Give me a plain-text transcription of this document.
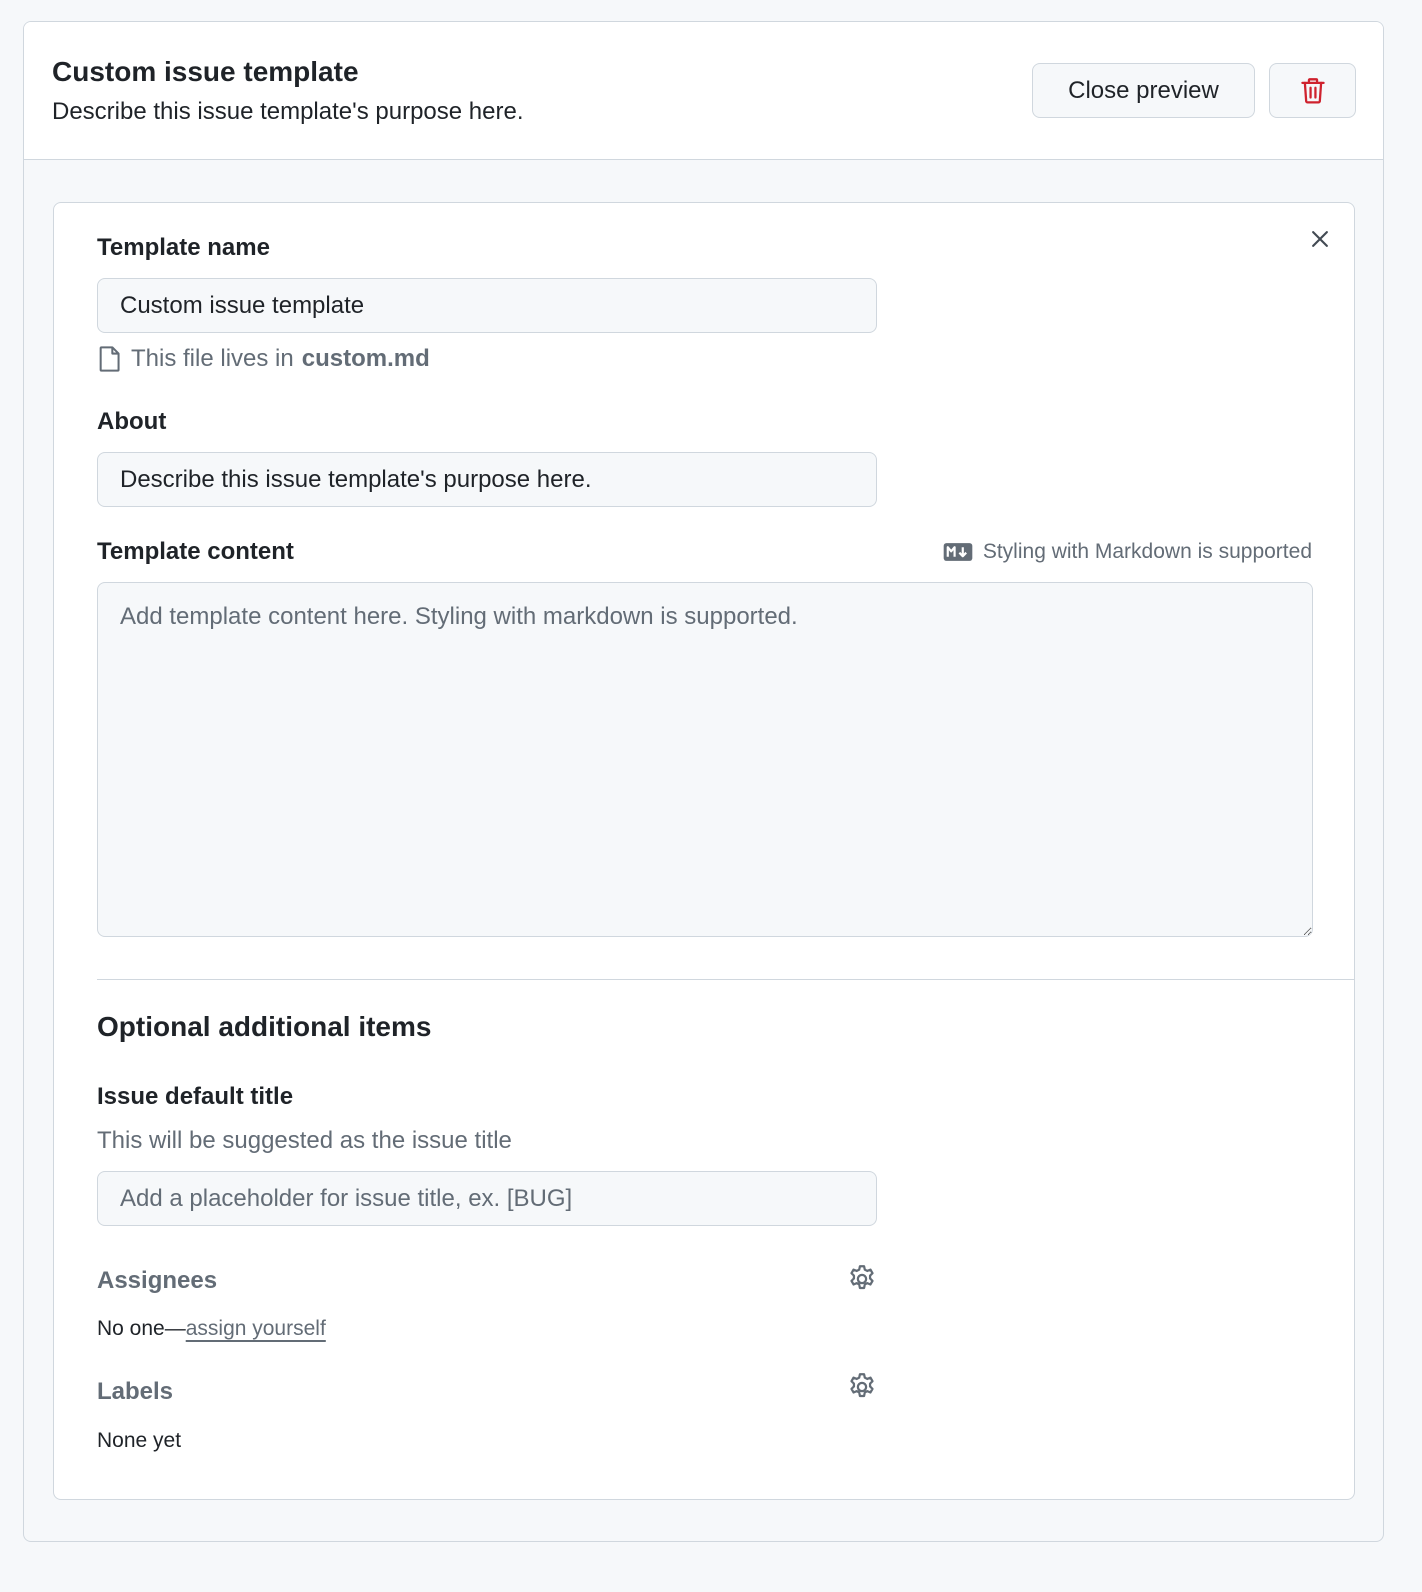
Custom issue template
Describe this issue template's purpose here.
Close preview
Template name
Custom issue template
This file lives in custom.md
About
Describe this issue template's purpose here.
Template content	Styling with Markdown is supported
Add template content here. Styling with markdown is supported.
Optional additional items
Issue default title
This will be suggested as the issue title
Add a placeholder for issue title, ex. [BUG]
Assignees
No one—assign yourself
Labels
None yet
